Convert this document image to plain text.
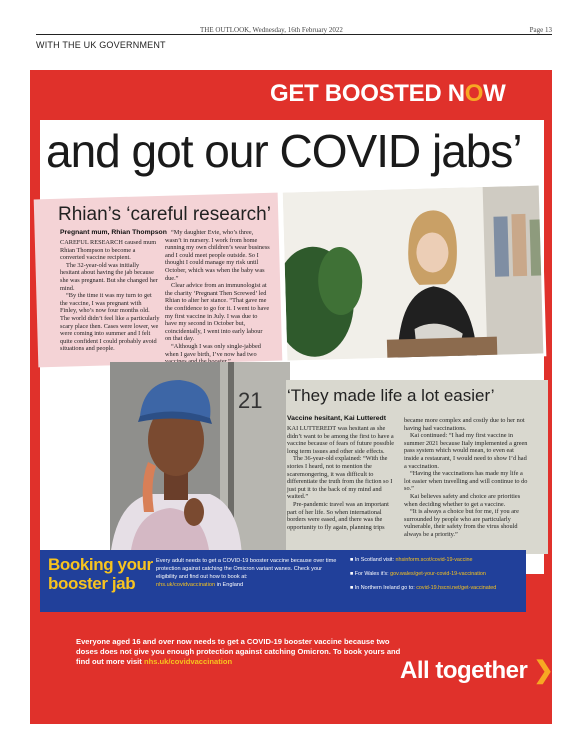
THE OUTLOOK, Wednesday, 16th February 2022	Page 13
WITH THE UK GOVERNMENT
GET BOOSTED NOW
and got our COVID jabs’
Rhian’s ‘careful research’
Pregnant mum, Rhian Thompson

CAREFUL RESEARCH caused mum Rhian Thompson to become a converted vaccine recipient.

The 32-year-old was initially hesitant about having the jab because she was pregnant. But she changed her mind.

“By the time it was my turn to get the vaccine, I was pregnant with Finley, who’s now four months old. The world didn’t feel like a particularly scary place then. Cases were lower, we were coming into summer and I felt quite confident I could probably avoid situations and people.

“My daughter Evie, who’s three, wasn’t in nursery. I work from home running my own children’s wear business and I could meet people outside. So I thought I could manage my risk until October, which was when the baby was due.”

Clear advice from an immunologist at the charity ‘Pregnant Then Screwed’ led Rhian to alter her stance. “That gave me the confidence to go for it. I went to have my first vaccine in July. I was due to have my second in October but, coincidentally, I went into early labour on that day.

“Although I was only single-jabbed when I gave birth, I’ve now had two

21 ‘They made life a lot easier’
Vaccine hesitant, Kai Lutteredt

KAI LUTTEREDT was hesitant as she didn’t want to be among the first to have a vaccine because of fears of future possible long term issues and other side effects.

The 36-year-old explained: “With the stories I heard, not to mention the scaremongering, it was difficult to differentiate the truth from the fiction so I just put it to the back of my mind and waited.”

Pre-pandemic travel was an important part of her life. So when international borders were eased, and there was the opportunity to fly again, planning trips

became more complex and costly due to her not having had vaccinations.

Kai continued: “I had my first vaccine in summer 2021 because Italy implemented a green pass system which would mean, to even eat inside a restaurant, I would need to show I’d had a vaccination.

“Having the vaccinations has made my life a lot easier when travelling and will continue to do so.”

Kai believes safety and choice are priorities when deciding whether to get a vaccine.

“It is always a choice but for me, if you are surrounded by people who are particularly vulnerable, their safety from the virus should always be a priority.”

Booking your
booster jab
Every adult needs to get a COVID-19 booster vaccine because over time protection against catching the Omicron variant wanes. Check your eligibility and find out how to book at:
nhs.uk/covidvaccination in England
■ In Scotland visit: nhsinform.scot/covid-19-vaccine
■ For Wales it’s: gov.wales/get-your-covid-19-vaccination
■ In Northern Ireland go to: covid-19.hscni.net/get-vaccinated
Everyone aged 16 and over now needs to get a COVID-19 booster vaccine because two doses does not give you enough protection against catching Omicron. To book yours and find out more visit nhs.uk/covidvaccination	All together ❯
